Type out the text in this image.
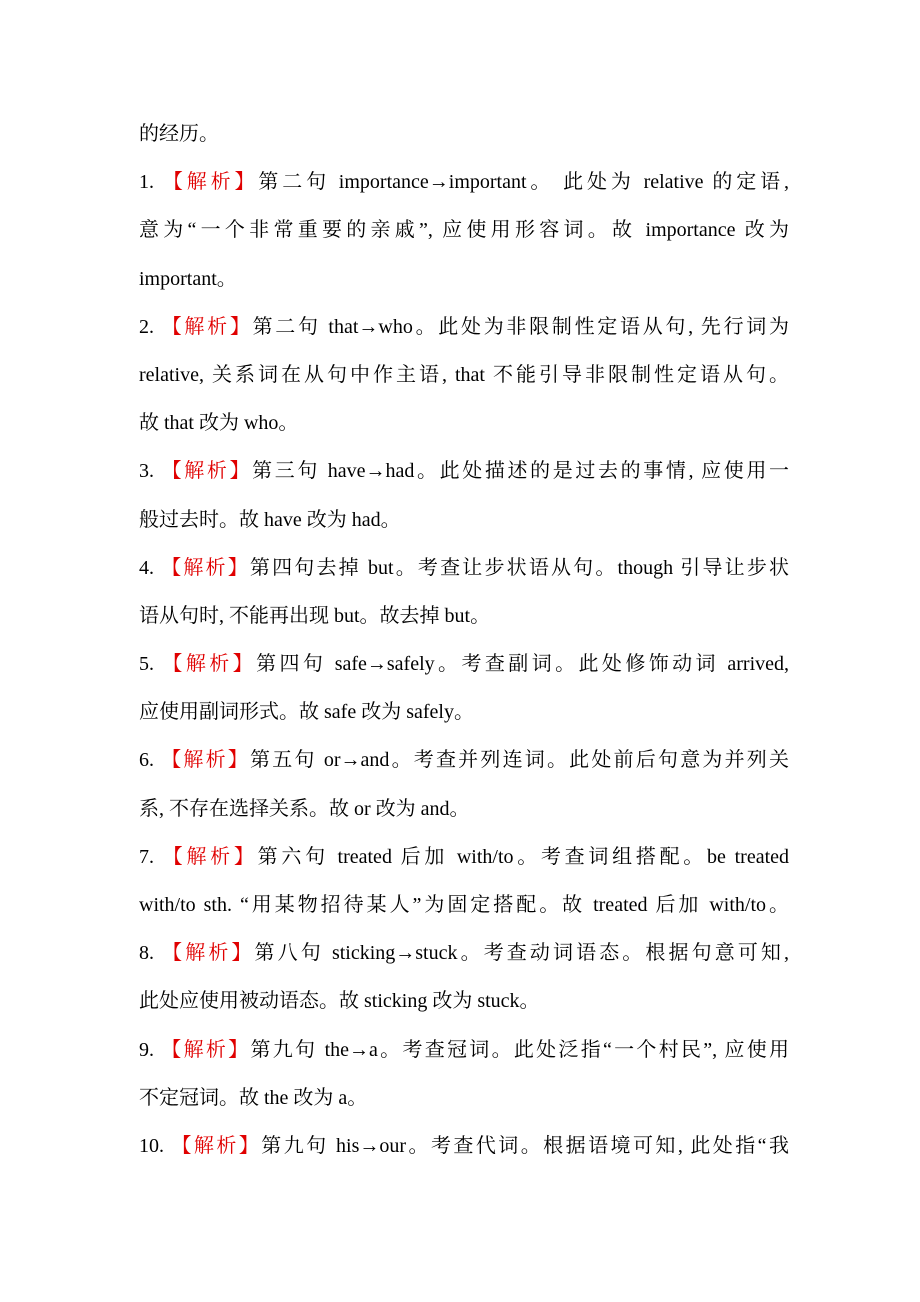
的经历。
1. 【解析】第二句 importance→important。 此处为 relative 的定语,
意为“一个非常重要的亲戚”, 应使用形容词。故 importance 改为
important。
2. 【解析】第二句 that→who。此处为非限制性定语从句, 先行词为
relative, 关系词在从句中作主语, that 不能引导非限制性定语从句。
故 that 改为 who。
3. 【解析】第三句 have→had。此处描述的是过去的事情, 应使用一
般过去时。故 have 改为 had。
4. 【解析】第四句去掉 but。考查让步状语从句。though 引导让步状
语从句时, 不能再出现 but。故去掉 but。
5. 【解析】第四句 safe→safely。考查副词。此处修饰动词 arrived,
应使用副词形式。故 safe 改为 safely。
6. 【解析】第五句 or→and。考查并列连词。此处前后句意为并列关
系, 不存在选择关系。故 or 改为 and。
7. 【解析】第六句 treated 后加 with/to。考查词组搭配。be treated
with/to sth. “用某物招待某人”为固定搭配。故 treated 后加 with/to。
8. 【解析】第八句 sticking→stuck。考查动词语态。根据句意可知,
此处应使用被动语态。故 sticking 改为 stuck。
9. 【解析】第九句 the→a。考查冠词。此处泛指“一个村民”, 应使用
不定冠词。故 the 改为 a。
10. 【解析】第九句 his→our。考查代词。根据语境可知, 此处指“我
